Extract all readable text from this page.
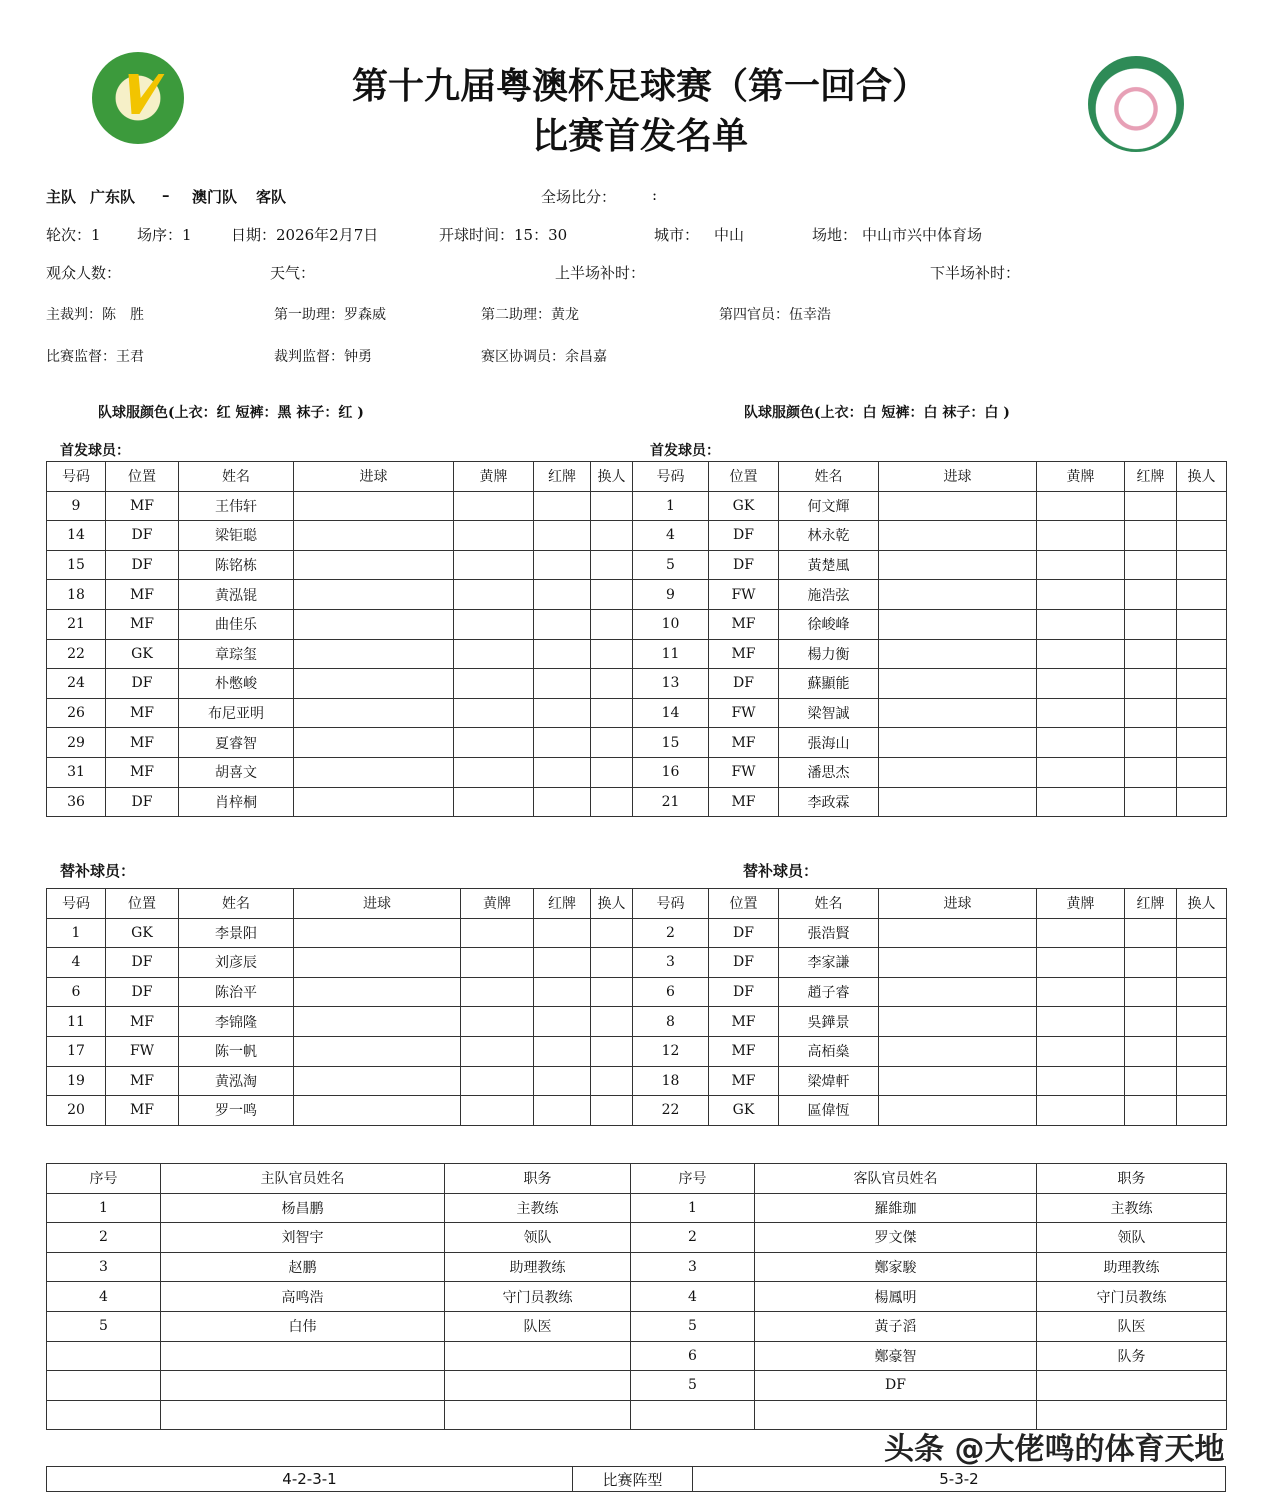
第十九届粤澳杯足球赛（第一回合）
比赛首发名单
主队 广东队 – 澳门队 客队	全场比分： :
轮次：1 场序：1	日期：2026年2月7日	开球时间：15：30	城市： 中山	场地： 中山市兴中体育场
观众人数：	天气：	上半场补时：	下半场补时：
主裁判：陈　胜	第一助理：罗森威	第二助理：黄龙	第四官员：伍幸浩
比赛监督：王君	裁判监督：钟勇	赛区协调员：余昌嘉
队球服颜色(上衣：红 短裤：黑 袜子：红 )	队球服颜色(上衣：白 短裤：白 袜子：白 )
首发球员：	首发球员：
替补球员：	替补球员：
号码	位置	姓名	进球	黄牌	红牌	换人
9	MF	王伟轩				
14	DF	梁钜聪				
15	DF	陈铭栋				
18	MF	黄泓锟				
21	MF	曲佳乐				
22	GK	章琮玺				
24	DF	朴憋峻				
26	MF	布尼亚明				
29	MF	夏睿智				
31	MF	胡喜文				
36	DF	肖梓桐				
号码	位置	姓名	进球	黄牌	红牌	换人
1	GK	何文輝				
4	DF	林永乾				
5	DF	黃楚風				
9	FW	施浩弦				
10	MF	徐峻峰				
11	MF	楊力衡				
13	DF	蘇顯能				
14	FW	梁智誠				
15	MF	張海山				
16	FW	潘思杰				
21	MF	李政霖				
号码	位置	姓名	进球	黄牌	红牌	换人
1	GK	李景阳				
4	DF	刘彦辰				
6	DF	陈治平				
11	MF	李锦隆				
17	FW	陈一帆				
19	MF	黄泓淘				
20	MF	罗一鸣				
号码	位置	姓名	进球	黄牌	红牌	换人
2	DF	張浩賢				
3	DF	李家謙				
6	DF	趙子睿				
8	MF	吳鏵景				
12	MF	高栢燊				
18	MF	梁煒軒				
22	GK	區偉恆				
序号	主队官员姓名	职务	序号	客队官员姓名	职务
1	杨昌鹏	主教练	1	羅維珈	主教练
2	刘智宇	领队	2	罗文傑	领队
3	赵鹏	助理教练	3	鄭家駿	助理教练
4	高鸣浩	守门员教练	4	楊鳳明	守门员教练
5	白伟	队医	5	黃子滔	队医
			6	鄭豪智	队务
			5	DF	

头条 @大佬鸣的体育天地
4-2-3-1	比赛阵型	5-3-2
